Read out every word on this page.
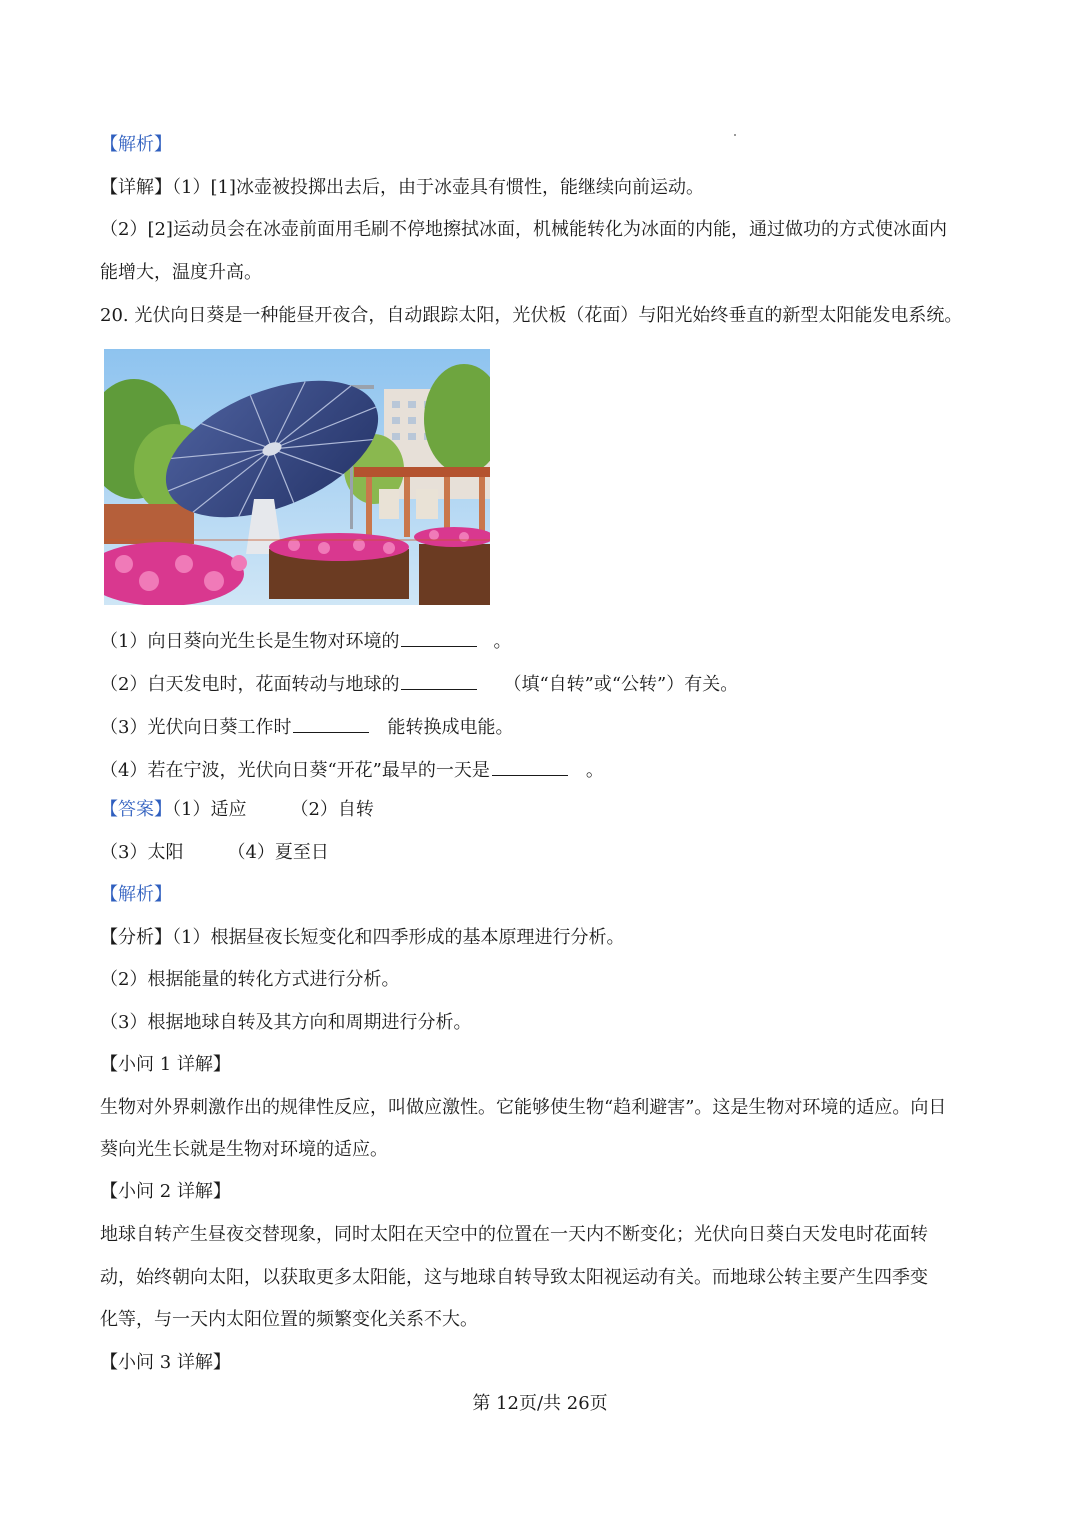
【解析】
【详解】（1）[1]冰壶被投掷出去后，由于冰壶具有惯性，能继续向前运动。
（2）[2]运动员会在冰壶前面用毛刷不停地擦拭冰面，机械能转化为冰面的内能，通过做功的方式使冰面内
能增大，温度升高。
20. 光伏向日葵是一种能昼开夜合，自动跟踪太阳，光伏板（花面）与阳光始终垂直的新型太阳能发电系统。
（1）向日葵向光生长是生物对环境的	。
（2）白天发电时，花面转动与地球的	（填“自转”或“公转”）有关。
（3）光伏向日葵工作时	能转换成电能。
（4）若在宁波，光伏向日葵“开花”最早的一天是	。
【答案】（1）适应 （2）自转
（3）太阳 （4）夏至日
【解析】
【分析】（1）根据昼夜长短变化和四季形成的基本原理进行分析。
（2）根据能量的转化方式进行分析。
（3）根据地球自转及其方向和周期进行分析。
【小问 1 详解】
生物对外界刺激作出的规律性反应，叫做应激性。它能够使生物“趋利避害”。这是生物对环境的适应。向日
葵向光生长就是生物对环境的适应。
【小问 2 详解】
地球自转产生昼夜交替现象，同时太阳在天空中的位置在一天内不断变化；光伏向日葵白天发电时花面转
动，始终朝向太阳，以获取更多太阳能，这与地球自转导致太阳视运动有关。而地球公转主要产生四季变
化等，与一天内太阳位置的频繁变化关系不大。
【小问 3 详解】
第 12页/共 26页
